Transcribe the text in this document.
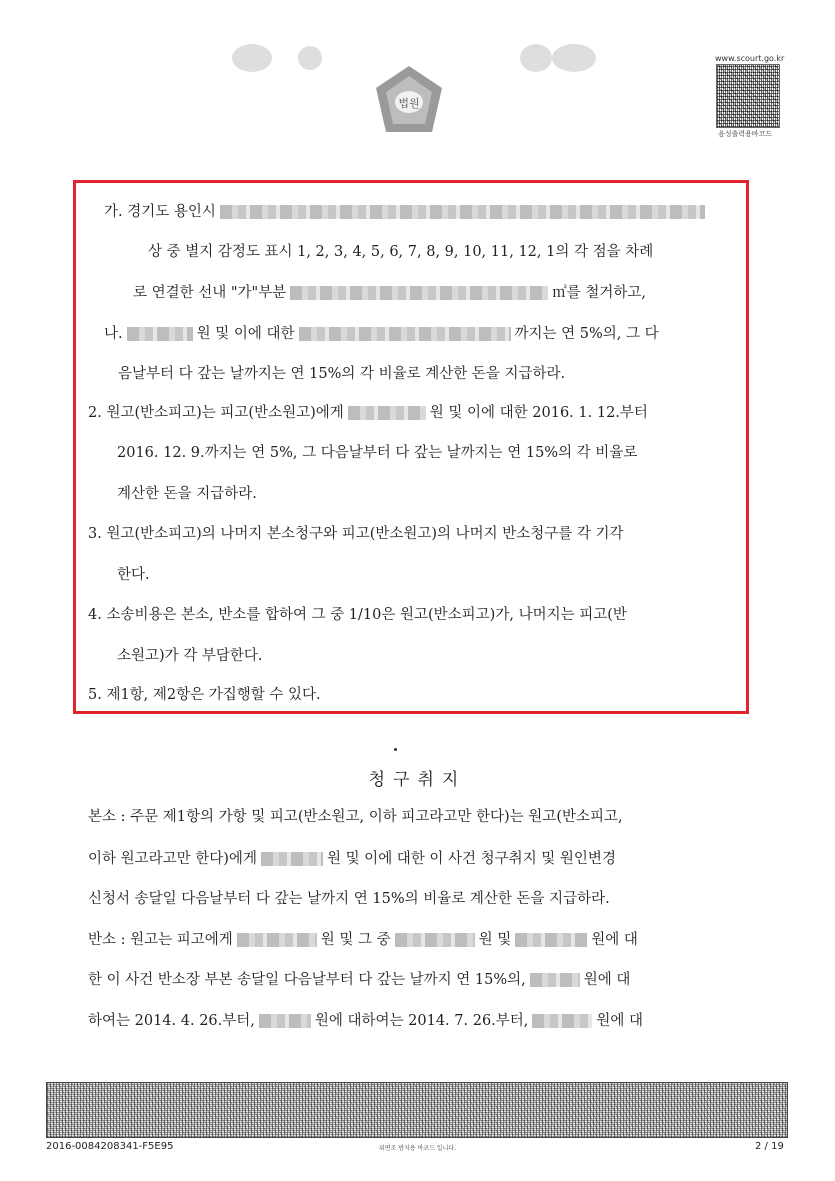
법원
www.scourt.go.kr
음성출력용바코드
가. 경기도 용인시
상 중 별지 감정도 표시 1, 2, 3, 4, 5, 6, 7, 8, 9, 10, 11, 12, 1의 각 점을 차례
로 연결한 선내 "가"부분	㎡를 철거하고,
나.	원 및 이에 대한	까지는 연 5%의, 그 다
음날부터 다 갚는 날까지는 연 15%의 각 비율로 계산한 돈을 지급하라.
2. 원고(반소피고)는 피고(반소원고)에게	원 및 이에 대한 2016. 1. 12.부터
2016. 12. 9.까지는 연 5%, 그 다음날부터 다 갚는 날까지는 연 15%의 각 비율로
계산한 돈을 지급하라.
3. 원고(반소피고)의 나머지 본소청구와 피고(반소원고)의 나머지 반소청구를 각 기각
한다.
4. 소송비용은 본소, 반소를 합하여 그 중 1/10은 원고(반소피고)가, 나머지는 피고(반
소원고)가 각 부담한다.
5. 제1항, 제2항은 가집행할 수 있다.
청구취지
본소 : 주문 제1항의 가항 및 피고(반소원고, 이하 피고라고만 한다)는 원고(반소피고,
이하 원고라고만 한다)에게	원 및 이에 대한 이 사건 청구취지 및 원인변경
신청서 송달일 다음날부터 다 갚는 날까지 연 15%의 비율로 계산한 돈을 지급하라.
반소 : 원고는 피고에게	원 및 그 중	원 및	원에 대
한 이 사건 반소장 부본 송달일 다음날부터 다 갚는 날까지 연 15%의,	원에 대
하여는 2014. 4. 26.부터,	원에 대하여는 2014. 7. 26.부터,	원에 대
2016-0084208341-F5E95	위변조 방지용 바코드 입니다.	2 / 19
